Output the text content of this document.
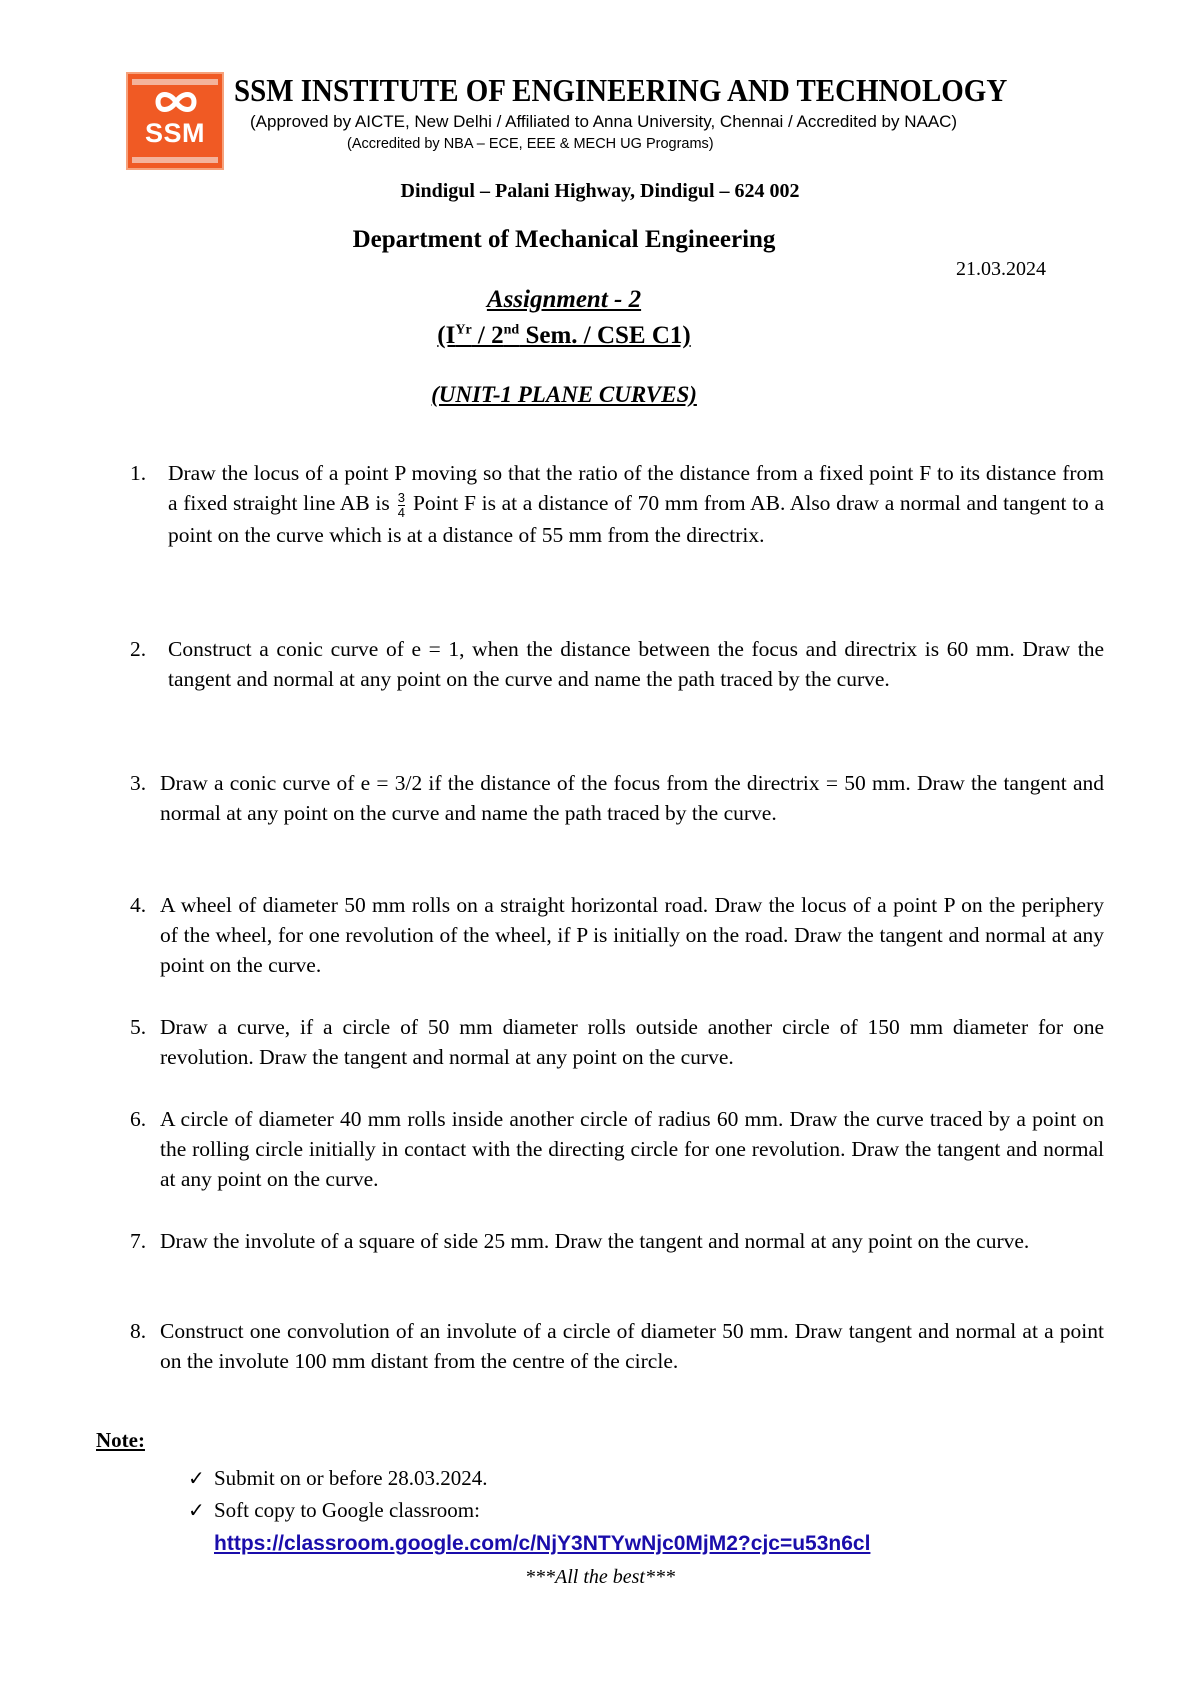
SSM
SSM INSTITUTE OF ENGINEERING AND TECHNOLOGY
(Approved by AICTE, New Delhi / Affiliated to Anna University, Chennai / Accredited by NAAC)
(Accredited by NBA – ECE, EEE & MECH UG Programs)
Dindigul – Palani Highway, Dindigul – 624 002
Department of Mechanical Engineering
21.03.2024
Assignment - 2
($I^{Yr} / 2nd$ Sem. / CSE C1)
(UNIT-1 PLANE CURVES)
1. Draw the locus of a point P moving so that the ratio of the distance from a fixed point F to its distance from a fixed straight line AB is $\frac{3}{4}$ Point F is at a distance of 70 mm from AB. Also draw a normal and tangent to a point on the curve which is at a distance of 55 mm from the directrix.
2. Construct a conic curve of e = 1, when the distance between the focus and directrix is 60 mm. Draw the tangent and normal at any point on the curve and name the path traced by the curve.
3. Draw a conic curve of e = 3/2 if the distance of the focus from the directrix = 50 mm. Draw the tangent and normal at any point on the curve and name the path traced by the curve.
4. A wheel of diameter 50 mm rolls on a straight horizontal road. Draw the locus of a point P on the periphery of the wheel, for one revolution of the wheel, if P is initially on the road. Draw the tangent and normal at any point on the curve.
5. Draw a curve, if a circle of 50 mm diameter rolls outside another circle of 150 mm diameter for one revolution. Draw the tangent and normal at any point on the curve.
6. A circle of diameter 40 mm rolls inside another circle of radius 60 mm. Draw the curve traced by a point on the rolling circle initially in contact with the directing circle for one revolution. Draw the tangent and normal at any point on the curve.
7. Draw the involute of a square of side 25 mm. Draw the tangent and normal at any point on the curve.
8. Construct one convolution of an involute of a circle of diameter 50 mm. Draw tangent and normal at a point on the involute 100 mm distant from the centre of the circle.
Note:
✓ Submit on or before 28.03.2024.
✓ Soft copy to Google classroom:
https://classroom.google.com/c/NjY3NTYwNjc0MjM2?cjc=u53n6cl
***All the best***
